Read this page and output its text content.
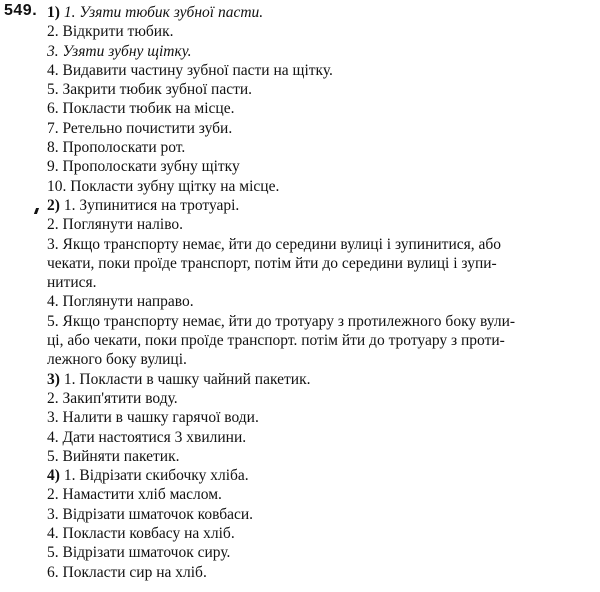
549. 1) 1. Узяти тюбик зубної пасти.
2. Відкрити тюбик.
3. Узяти зубну щітку.
4. Видавити частину зубної пасти на щітку.
5. Закрити тюбик зубної пасти.
6. Покласти тюбик на місце.
7. Ретельно почистити зуби.
8. Прополоскати рот.
9. Прополоскати зубну щітку
10. Покласти зубну щітку на місце.
2) 1. Зупинитися на тротуарі.
2. Поглянути наліво.
3. Якщо транспорту немає, йти до середини вулиці і зупинитися, або
чекати, поки проїде транспорт, потім йти до середини вулиці і зупи-
нитися.
4. Поглянути направо.
5. Якщо транспорту немає, йти до тротуару з протилежного боку вули-
ці, або чекати, поки проїде транспорт. потім йти до тротуару з проти-
лежного боку вулиці.
3) 1. Покласти в чашку чайний пакетик.
2. Закип'ятити воду.
3. Налити в чашку гарячої води.
4. Дати настоятися 3 хвилини.
5. Вийняти пакетик.
4) 1. Відрізати скибочку хліба.
2. Намастити хліб маслом.
3. Відрізати шматочок ковбаси.
4. Покласти ковбасу на хліб.
5. Відрізати шматочок сиру.
6. Покласти сир на хліб.
